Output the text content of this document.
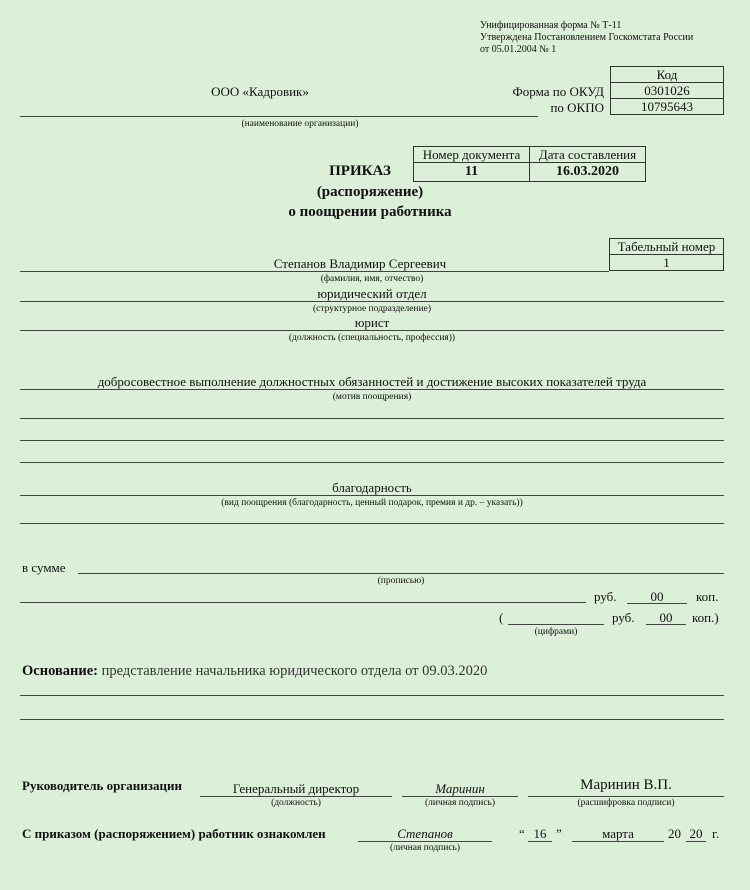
Унифицированная форма № Т-11
Утверждена Постановлением Госкомстата России
от 05.01.2004 № 1
Код
0301026
10795643
Форма по ОКУД
по ОКПО
ООО «Кадровик»
(наименование организации)
Номер документа	Дата составления
11	16.03.2020
ПРИКАЗ
(распоряжение)
о поощрении работника
Табельный номер
1
Степанов Владимир Сергеевич
(фамилия, имя, отчество)
юридический отдел
(структурное подразделение)
юрист
(должность (специальность, профессия))
добросовестное выполнение должностных обязанностей и достижение высоких показателей труда
(мотив поощрения)
благодарность
(вид поощрения (благодарность, ценный подарок, премия и др. – указать))
в сумме
(прописью)
руб.	00	коп.
(
(цифрами)
руб.	00	коп.)
Основание: представление начальника юридического отдела от 09.03.2020
Руководитель организации	Генеральный директор
(должность)
Маринин
(личная подпись)
Маринин В.П.
(расшифровка подписи)
С приказом (распоряжением) работник ознакомлен	Степанов
(личная подпись)
“ 16 ”	марта	20 20 г.
